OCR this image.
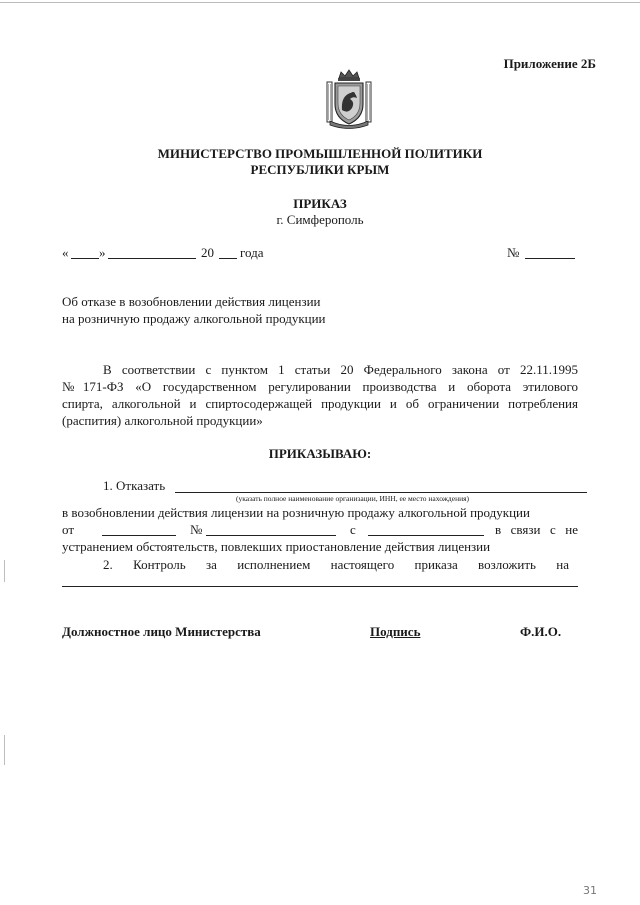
Приложение 2Б
МИНИСТЕРСТВО ПРОМЫШЛЕННОЙ ПОЛИТИКИ
РЕСПУБЛИКИ КРЫМ
ПРИКАЗ
г. Симферополь
« »	20 года	№
Об отказе в возобновлении действия лицензии
на розничную продажу алкогольной продукции
В соответствии с пунктом 1 статьи 20 Федерального закона от 22.11.1995
№171-ФЗ «О государственном регулировании производства и оборота этилового
спирта, алкогольной и спиртосодержащей продукции и об ограничении потребления
(распития) алкогольной продукции»
ПРИКАЗЫВАЮ:
1. Отказать
(указать полное наименование организации, ИНН, ее место нахождения)
в возобновлении действия лицензии на розничную продажу алкогольной продукции
от	№	с	в связи с не
устранением обстоятельств, повлекших приостановление действия лицензии
2. Контроль за исполнением настоящего приказа возложить на
Должностное лицо Министерства	Подпись	Ф.И.О.
31
